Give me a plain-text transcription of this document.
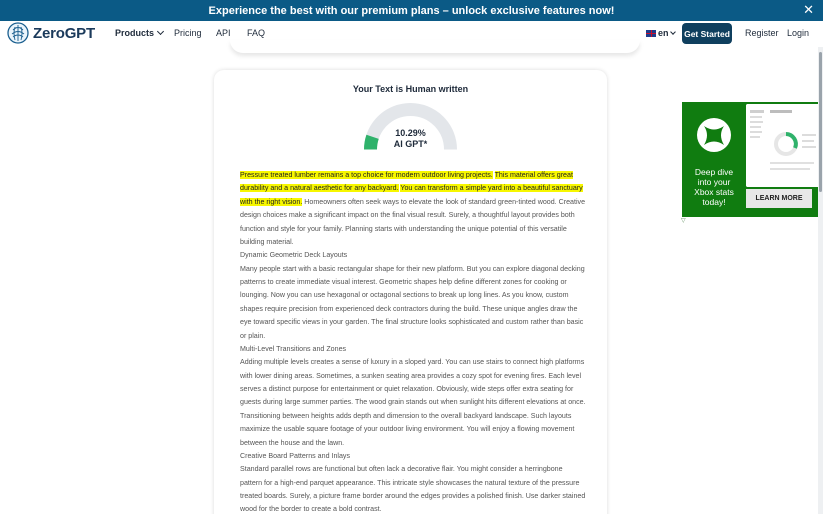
Experience the best with our premium plans – unlock exclusive features now!	✕
ZeroGPT Products	Pricing API FAQ	en	Get Started Register Login
Your Text is Human written
10.29%
AI GPT*
Pressure treated lumber remains a top choice for modern outdoor living projects. This material offers great durability and a natural aesthetic for any backyard. You can transform a simple yard into a beautiful sanctuary with the right vision. Homeowners often seek ways to elevate the look of standard green-tinted wood. Creative design choices make a significant impact on the final visual result. Surely, a thoughtful layout provides both function and style for your family. Planning starts with understanding the unique potential of this versatile building material.
Dynamic Geometric Deck Layouts
Many people start with a basic rectangular shape for their new platform. But you can explore diagonal decking patterns to create immediate visual interest. Geometric shapes help define different zones for cooking or lounging. Now you can use hexagonal or octagonal sections to break up long lines. As you know, custom shapes require precision from experienced deck contractors during the build. These unique angles draw the eye toward specific views in your garden. The final structure looks sophisticated and custom rather than basic or plain.
Multi-Level Transitions and Zones
Adding multiple levels creates a sense of luxury in a sloped yard. You can use stairs to connect high platforms with lower dining areas. Sometimes, a sunken seating area provides a cozy spot for evening fires. Each level serves a distinct purpose for entertainment or quiet relaxation. Obviously, wide steps offer extra seating for guests during large summer parties. The wood grain stands out when sunlight hits different elevations at once. Transitioning between heights adds depth and dimension to the overall backyard landscape. Such layouts maximize the usable square footage of your outdoor living environment. You will enjoy a flowing movement between the house and the lawn.
Creative Board Patterns and Inlays
Standard parallel rows are functional but often lack a decorative flair. You might consider a herringbone pattern for a high-end parquet appearance. This intricate style showcases the natural texture of the pressure treated boards. Surely, a picture frame border around the edges provides a polished finish. Use darker stained wood for the border to create a bold contrast.
Deep dive into your Xbox stats today!	LEARN MORE
▽
